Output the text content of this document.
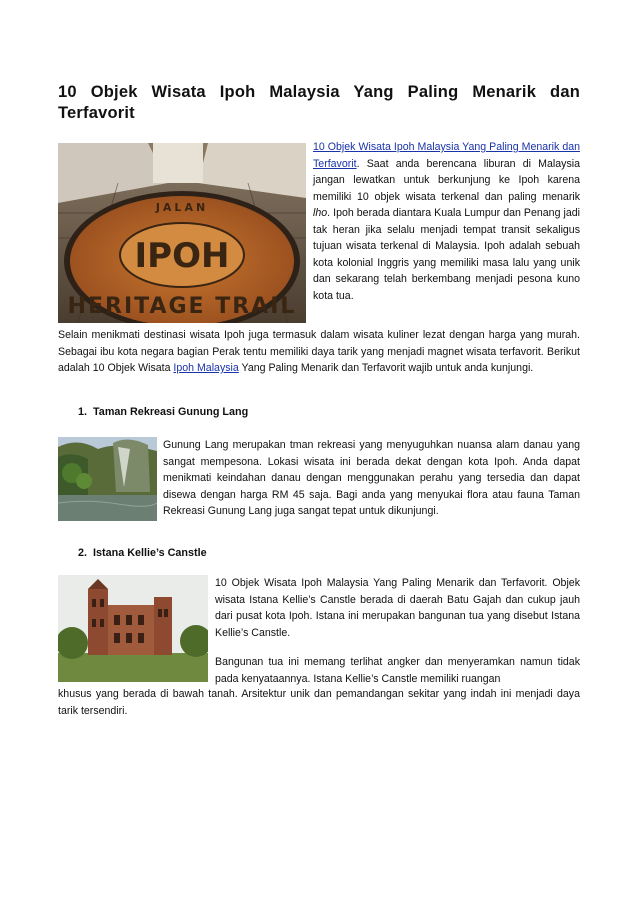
10 Objek Wisata Ipoh Malaysia Yang Paling Menarik dan Terfavorit
IPOH
HERITAGE TRAIL
JALAN
10 Objek Wisata Ipoh Malaysia Yang Paling Menarik dan Terfavorit. Saat anda berencana liburan di Malaysia jangan lewatkan untuk berkunjung ke Ipoh karena memiliki 10 objek wisata terkenal dan paling menarik lho. Ipoh berada diantara Kuala Lumpur dan Penang jadi tak heran jika selalu menjadi tempat transit sekaligus tujuan wisata terkenal di Malaysia. Ipoh adalah sebuah kota kolonial Inggris yang memiliki masa lalu yang unik dan sekarang telah berkembang menjadi pesona kuno kota tua.
Selain menikmati destinasi wisata Ipoh juga termasuk dalam wisata kuliner lezat dengan harga yang murah. Sebagai ibu kota negara bagian Perak tentu memiliki daya tarik yang menjadi magnet wisata terfavorit. Berikut adalah 10 Objek Wisata Ipoh Malaysia Yang Paling Menarik dan Terfavorit wajib untuk anda kunjungi.
1. Taman Rekreasi Gunung Lang
Gunung Lang merupakan tman rekreasi yang menyuguhkan nuansa alam danau yang sangat mempesona. Lokasi wisata ini berada dekat dengan kota Ipoh. Anda dapat menikmati keindahan danau dengan menggunakan perahu yang tersedia dan dapat disewa dengan harga RM 45 saja. Bagi anda yang menyukai flora atau fauna Taman Rekreasi Gunung Lang juga sangat tepat untuk dikunjungi.
2. Istana Kellie’s Canstle
10 Objek Wisata Ipoh Malaysia Yang Paling Menarik dan Terfavorit. Objek wisata Istana Kellie’s Canstle berada di daerah Batu Gajah dan cukup jauh dari pusat kota Ipoh. Istana ini merupakan bangunan tua yang disebut Istana Kellie’s Canstle.
Bangunan tua ini memang terlihat angker dan menyeramkan namun tidak pada kenyataannya. Istana Kellie’s Canstle memiliki ruangan
khusus yang berada di bawah tanah. Arsitektur unik dan pemandangan sekitar yang indah ini menjadi daya tarik tersendiri.
